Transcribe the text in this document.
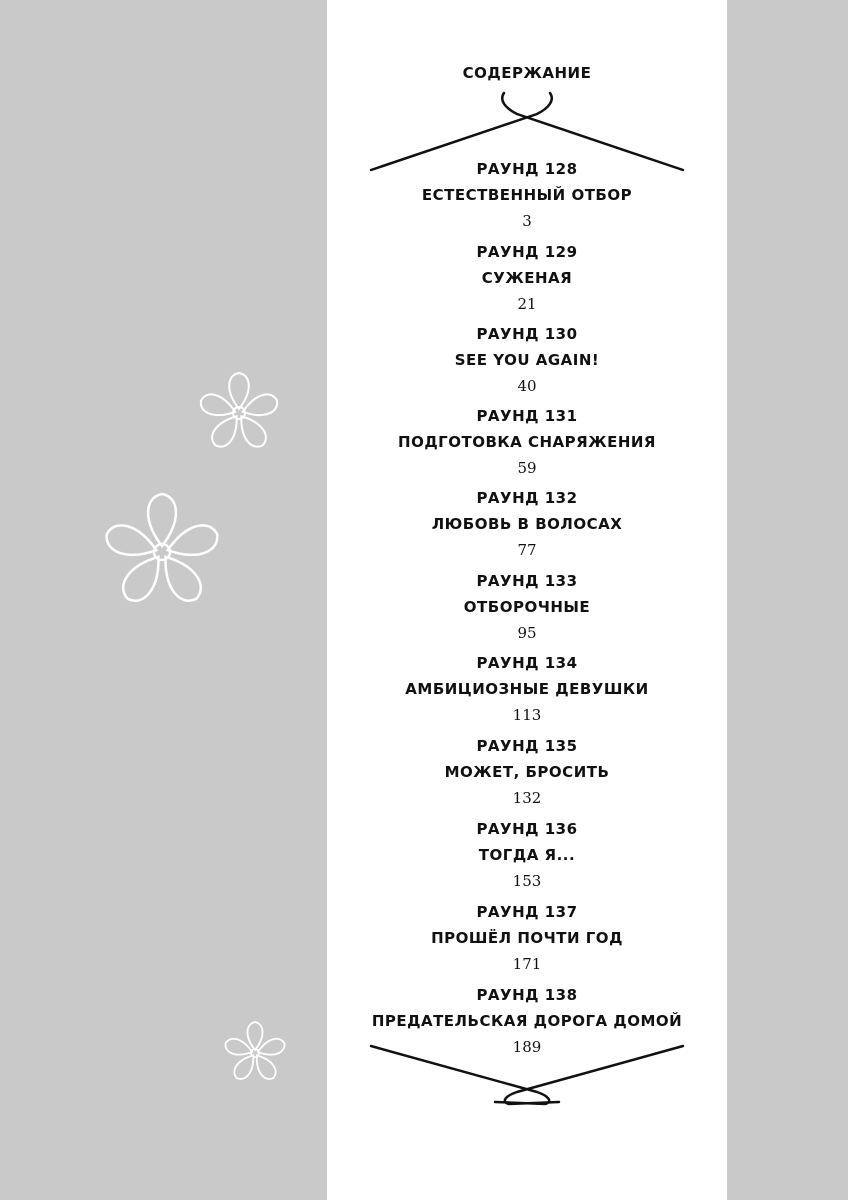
СОДЕРЖАНИЕ
РАУНД 128
ЕСТЕСТВЕННЫЙ ОТБОР
3
РАУНД 129
СУЖЕНАЯ
21
РАУНД 130
SEE YOU AGAIN!
40
РАУНД 131
ПОДГОТОВКА СНАРЯЖЕНИЯ
59
РАУНД 132
ЛЮБОВЬ В ВОЛОСАХ
77
РАУНД 133
ОТБОРОЧНЫЕ
95
РАУНД 134
АМБИЦИОЗНЫЕ ДЕВУШКИ
113
РАУНД 135
МОЖЕТ, БРОСИТЬ
132
РАУНД 136
ТОГДА Я...
153
РАУНД 137
ПРОШЁЛ ПОЧТИ ГОД
171
РАУНД 138
ПРЕДАТЕЛЬСКАЯ ДОРОГА ДОМОЙ
189
